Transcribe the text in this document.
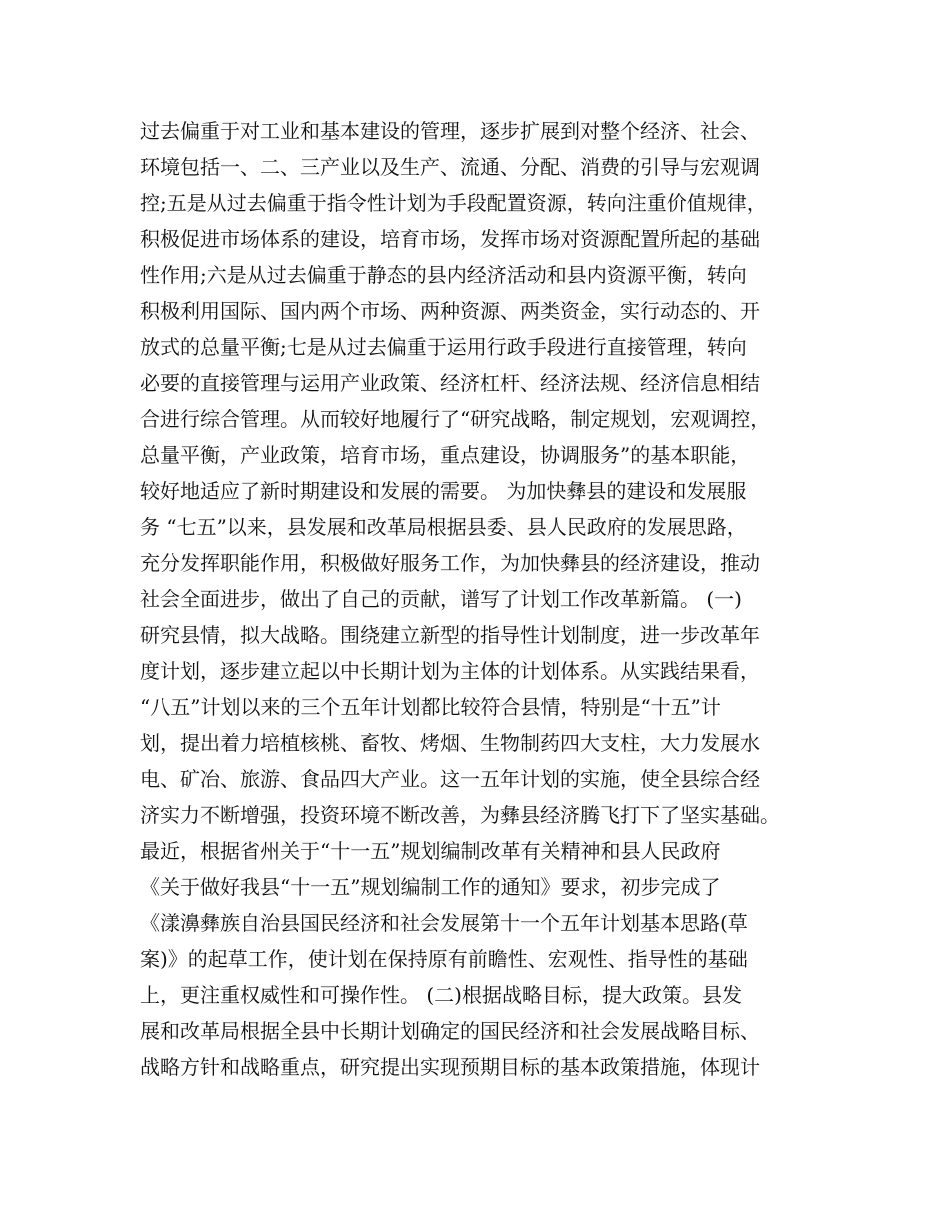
过去偏重于对工业和基本建设的管理，逐步扩展到对整个经济、社会、
环境包括一、二、三产业以及生产、流通、分配、消费的引导与宏观调
控;五是从过去偏重于指令性计划为手段配置资源，转向注重价值规律，
积极促进市场体系的建设，培育市场，发挥市场对资源配置所起的基础
性作用;六是从过去偏重于静态的县内经济活动和县内资源平衡，转向
积极利用国际、国内两个市场、两种资源、两类资金，实行动态的、开
放式的总量平衡;七是从过去偏重于运用行政手段进行直接管理，转向
必要的直接管理与运用产业政策、经济杠杆、经济法规、经济信息相结
合进行综合管理。从而较好地履行了“研究战略，制定规划，宏观调控，
总量平衡，产业政策，培育市场，重点建设，协调服务”的基本职能，
较好地适应了新时期建设和发展的需要。 为加快彝县的建设和发展服
务 “七五”以来，县发展和改革局根据县委、县人民政府的发展思路，
充分发挥职能作用，积极做好服务工作，为加快彝县的经济建设，推动
社会全面进步，做出了自己的贡献，谱写了计划工作改革新篇。 (一)
研究县情，拟大战略。围绕建立新型的指导性计划制度，进一步改革年
度计划，逐步建立起以中长期计划为主体的计划体系。从实践结果看，
“八五”计划以来的三个五年计划都比较符合县情，特别是“十五”计
划，提出着力培植核桃、畜牧、烤烟、生物制药四大支柱，大力发展水
电、矿冶、旅游、食品四大产业。这一五年计划的实施，使全县综合经
济实力不断增强，投资环境不断改善，为彝县经济腾飞打下了坚实基础。
最近，根据省州关于“十一五”规划编制改革有关精神和县人民政府
《关于做好我县“十一五”规划编制工作的通知》要求，初步完成了
《漾濞彝族自治县国民经济和社会发展第十一个五年计划基本思路(草
案)》的起草工作，使计划在保持原有前瞻性、宏观性、指导性的基础
上，更注重权威性和可操作性。 (二)根据战略目标，提大政策。县发
展和改革局根据全县中长期计划确定的国民经济和社会发展战略目标、
战略方针和战略重点，研究提出实现预期目标的基本政策措施，体现计
